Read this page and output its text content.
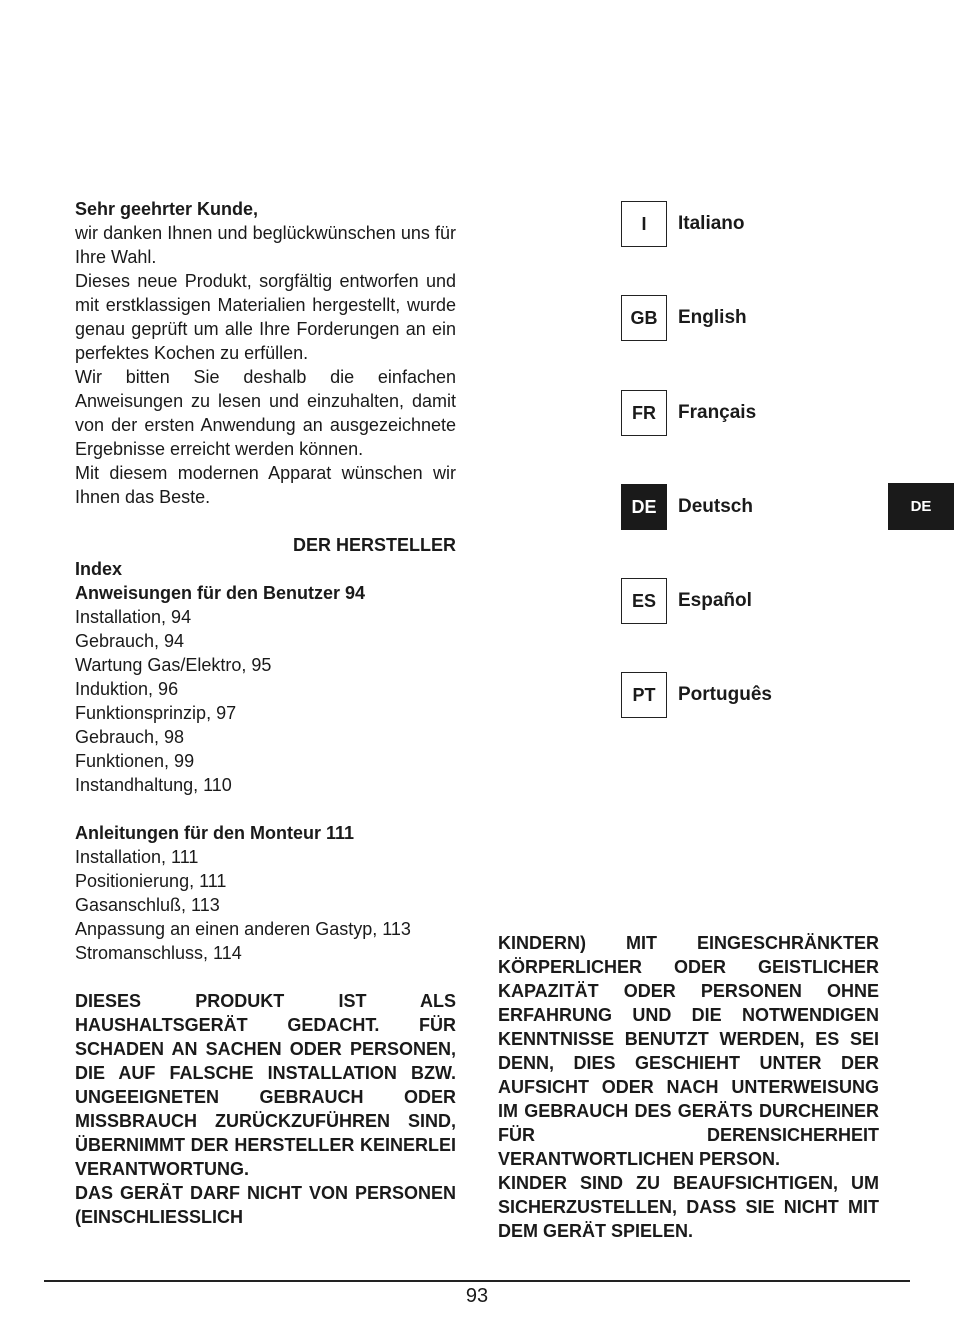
Sehr geehrter Kunde,

wir danken Ihnen und beglückwünschen uns für Ihre Wahl.

Dieses neue Produkt, sorgfältig entworfen und mit erstklassigen Materialien hergestellt, wurde genau geprüft um alle Ihre Forderungen an ein perfektes Kochen zu erfüllen.

Wir bitten Sie deshalb die einfachen Anweisungen zu lesen und einzuhalten, damit von der ersten Anwendung an ausgezeichnete Ergebnisse erreicht werden können.

Mit diesem modernen Apparat wünschen wir Ihnen das Beste.

DER HERSTELLER

Index

Anweisungen für den Benutzer 94

Installation, 94

Gebrauch, 94

Wartung Gas/Elektro, 95

Induktion, 96

Funktionsprinzip, 97

Gebrauch, 98

Funktionen, 99

Instandhaltung, 110

Anleitungen für den Monteur 111

Installation, 111

Positionierung, 111

Gasanschluß, 113

Anpassung an einen anderen Gastyp, 113

Stromanschluss, 114

DIESES PRODUKT IST ALS HAUSHALTSGERÄT GEDACHT. FÜR SCHADEN AN SACHEN ODER PERSONEN, DIE AUF FALSCHE INSTALLATION BZW. UNGEEIGNETEN GEBRAUCH ODER MISSBRAUCH ZURÜCKZUFÜHREN SIND, ÜBERNIMMT DER HERSTELLER KEINERLEI VERANTWORTUNG.

DAS GERÄT DARF NICHT VON PERSONEN (EINSCHLIESSLICH

I	Italiano
GB	English
FR	Français
DE	Deutsch
ES	Español
PT	Português
DE

KINDERN) MIT EINGESCHRÄNKTER KÖRPERLICHER ODER GEISTLICHER KAPAZITÄT ODER PERSONEN OHNE ERFAHRUNG UND DIE NOTWENDIGEN KENNTNISSE BENUTZT WERDEN, ES SEI DENN, DIES GESCHIEHT UNTER DER AUFSICHT ODER NACH UNTERWEISUNG IM GEBRAUCH DES GERÄTS DURCHEINER FÜR DERENSICHERHEIT VERANTWORTLICHEN PERSON.

KINDER SIND ZU BEAUFSICHTIGEN, UM SICHERZUSTELLEN, DASS SIE NICHT MIT DEM GERÄT SPIELEN.

93
